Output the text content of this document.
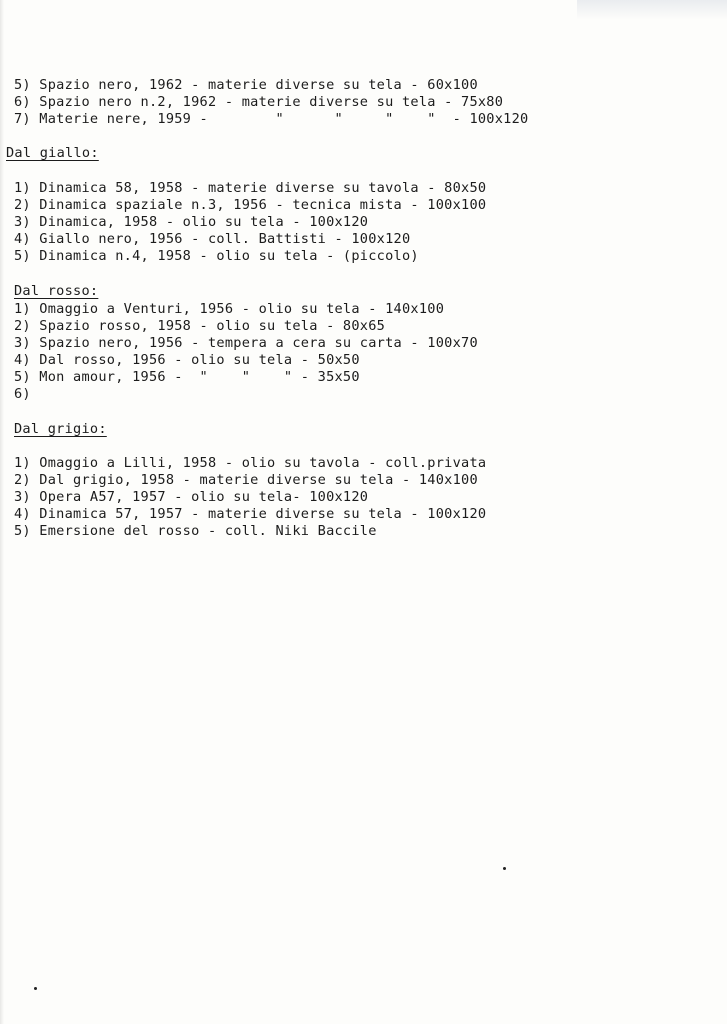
5) Spazio nero, 1962 - materie diverse su tela - 60x100
6) Spazio nero n.2, 1962 - materie diverse su tela - 75x80
7) Materie nere, 1959 -        "      "     "    "  - 100x120
Dal giallo:
1) Dinamica 58, 1958 - materie diverse su tavola - 80x50
2) Dinamica spaziale n.3, 1956 - tecnica mista - 100x100
3) Dinamica, 1958 - olio su tela - 100x120
4) Giallo nero, 1956 - coll. Battisti - 100x120
5) Dinamica n.4, 1958 - olio su tela - (piccolo)
Dal rosso:
1) Omaggio a Venturi, 1956 - olio su tela - 140x100
2) Spazio rosso, 1958 - olio su tela - 80x65
3) Spazio nero, 1956 - tempera a cera su carta - 100x70
4) Dal rosso, 1956 - olio su tela - 50x50
5) Mon amour, 1956 -  "    "    " - 35x50
6)
Dal grigio:
1) Omaggio a Lilli, 1958 - olio su tavola - coll.privata
2) Dal grigio, 1958 - materie diverse su tela - 140x100
3) Opera A57, 1957 - olio su tela- 100x120
4) Dinamica 57, 1957 - materie diverse su tela - 100x120
5) Emersione del rosso - coll. Niki Baccile
